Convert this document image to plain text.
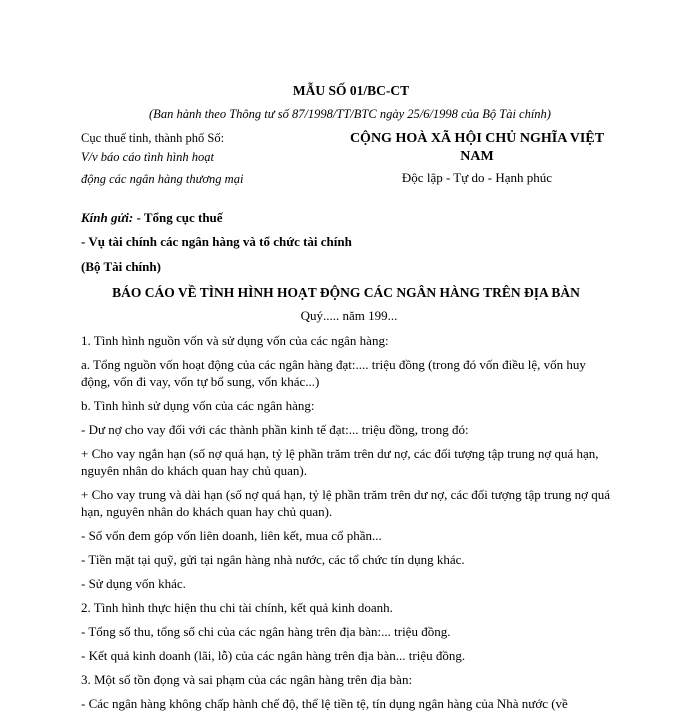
MẪU SỐ 01/BC-CT
(Ban hành theo Thông tư số 87/1998/TT/BTC ngày 25/6/1998 của Bộ Tài chính)
Cục thuế tỉnh, thành phố Số:
V/v báo cáo tình hình hoạt
động các ngân hàng thương mại
CỘNG HOÀ XÃ HỘI CHỦ NGHĨA VIỆT NAM
Độc lập - Tự do - Hạnh phúc
Kính gửi: - Tổng cục thuế
- Vụ tài chính các ngân hàng và tổ chức tài chính
(Bộ Tài chính)
BÁO CÁO VỀ TÌNH HÌNH HOẠT ĐỘNG CÁC NGÂN HÀNG TRÊN ĐỊA BÀN
Quý..... năm 199...

1. Tình hình nguồn vốn và sử dụng vốn của các ngân hàng:

a. Tổng nguồn vốn hoạt động của các ngân hàng đạt:.... triệu đồng (trong đó vốn điều lệ, vốn huy động, vốn đi vay, vốn tự bổ sung, vốn khác...)

b. Tình hình sử dụng vốn của các ngân hàng:

- Dư nợ cho vay đối với các thành phần kinh tế đạt:... triệu đồng, trong đó:

+ Cho vay ngắn hạn (số nợ quá hạn, tỷ lệ phần trăm trên dư nợ, các đối tượng tập trung nợ quá hạn, nguyên nhân do khách quan hay chủ quan).

+ Cho vay trung và dài hạn (số nợ quá hạn, tỷ lệ phần trăm trên dư nợ, các đối tượng tập trung nợ quá hạn, nguyên nhân do khách quan hay chủ quan).

- Số vốn đem góp vốn liên doanh, liên kết, mua cổ phần...

- Tiền mặt tại quỹ, gửi tại ngân hàng nhà nước, các tổ chức tín dụng khác.

- Sử dụng vốn khác.

2. Tình hình thực hiện thu chi tài chính, kết quả kinh doanh.

- Tổng số thu, tổng số chi của các ngân hàng trên địa bàn:... triệu đồng.

- Kết quả kinh doanh (lãi, lỗ) của các ngân hàng trên địa bàn... triệu đồng.

3. Một số tồn đọng và sai phạm của các ngân hàng trên địa bàn:

- Các ngân hàng không chấp hành chế độ, thể lệ tiền tệ, tín dụng ngân hàng của Nhà nước (về
